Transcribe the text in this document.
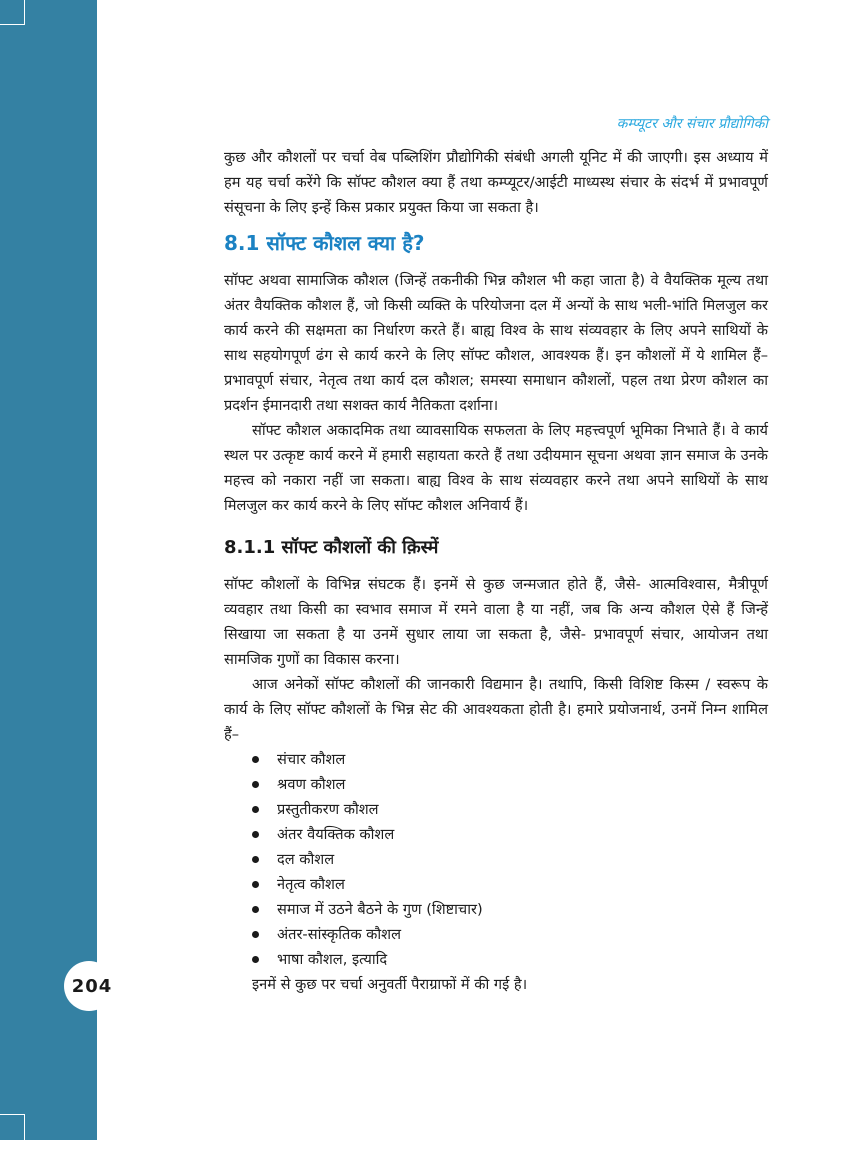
204
कम्प्यूटर और संचार प्रौद्योगिकी

कुछ और कौशलों पर चर्चा वेब पब्लिशिंग प्रौद्योगिकी संबंधी अगली यूनिट में की जाएगी। इस अध्याय में हम यह चर्चा करेंगे कि सॉफ्ट कौशल क्या हैं तथा कम्प्यूटर/आईटी माध्यस्थ संचार के संदर्भ में प्रभावपूर्ण संसूचना के लिए इन्हें किस प्रकार प्रयुक्त किया जा सकता है।

8.1 सॉफ्ट कौशल क्या है?

सॉफ्ट अथवा सामाजिक कौशल (जिन्हें तकनीकी भिन्न कौशल भी कहा जाता है) वे वैयक्तिक मूल्य तथा अंतर वैयक्तिक कौशल हैं, जो किसी व्यक्ति के परियोजना दल में अन्यों के साथ भली-भांति मिलजुल कर कार्य करने की सक्षमता का निर्धारण करते हैं। बाह्य विश्व के साथ संव्यवहार के लिए अपने साथियों के साथ सहयोगपूर्ण ढंग से कार्य करने के लिए सॉफ्ट कौशल, आवश्यक हैं। इन कौशलों में ये शामिल हैं– प्रभावपूर्ण संचार, नेतृत्व तथा कार्य दल कौशल; समस्या समाधान कौशलों, पहल तथा प्रेरण कौशल का प्रदर्शन ईमानदारी तथा सशक्त कार्य नैतिकता दर्शाना।

सॉफ्ट कौशल अकादमिक तथा व्यावसायिक सफलता के लिए महत्त्वपूर्ण भूमिका निभाते हैं। वे कार्य स्थल पर उत्कृष्ट कार्य करने में हमारी सहायता करते हैं तथा उदीयमान सूचना अथवा ज्ञान समाज के उनके महत्त्व को नकारा नहीं जा सकता। बाह्य विश्व के साथ संव्यवहार करने तथा अपने साथियों के साथ मिलजुल कर कार्य करने के लिए सॉफ्ट कौशल अनिवार्य हैं।

8.1.1 सॉफ्ट कौशलों की क़िस्में

सॉफ्ट कौशलों के विभिन्न संघटक हैं। इनमें से कुछ जन्मजात होते हैं, जैसे- आत्मविश्वास, मैत्रीपूर्ण व्यवहार तथा किसी का स्वभाव समाज में रमने वाला है या नहीं, जब कि अन्य कौशल ऐसे हैं जिन्हें सिखाया जा सकता है या उनमें सुधार लाया जा सकता है, जैसे- प्रभावपूर्ण संचार, आयोजन तथा सामजिक गुणों का विकास करना।

आज अनेकों सॉफ्ट कौशलों की जानकारी विद्यमान है। तथापि, किसी विशिष्ट किस्म / स्वरूप के कार्य के लिए सॉफ्ट कौशलों के भिन्न सेट की आवश्यकता होती है। हमारे प्रयोजनार्थ, उनमें निम्न शामिल हैं–

संचार कौशल
श्रवण कौशल
प्रस्तुतीकरण कौशल
अंतर वैयक्तिक कौशल
दल कौशल
नेतृत्व कौशल
समाज में उठने बैठने के गुण (शिष्टाचार)
अंतर-सांस्कृतिक कौशल
भाषा कौशल, इत्यादि

इनमें से कुछ पर चर्चा अनुवर्ती पैराग्राफों में की गई है।
